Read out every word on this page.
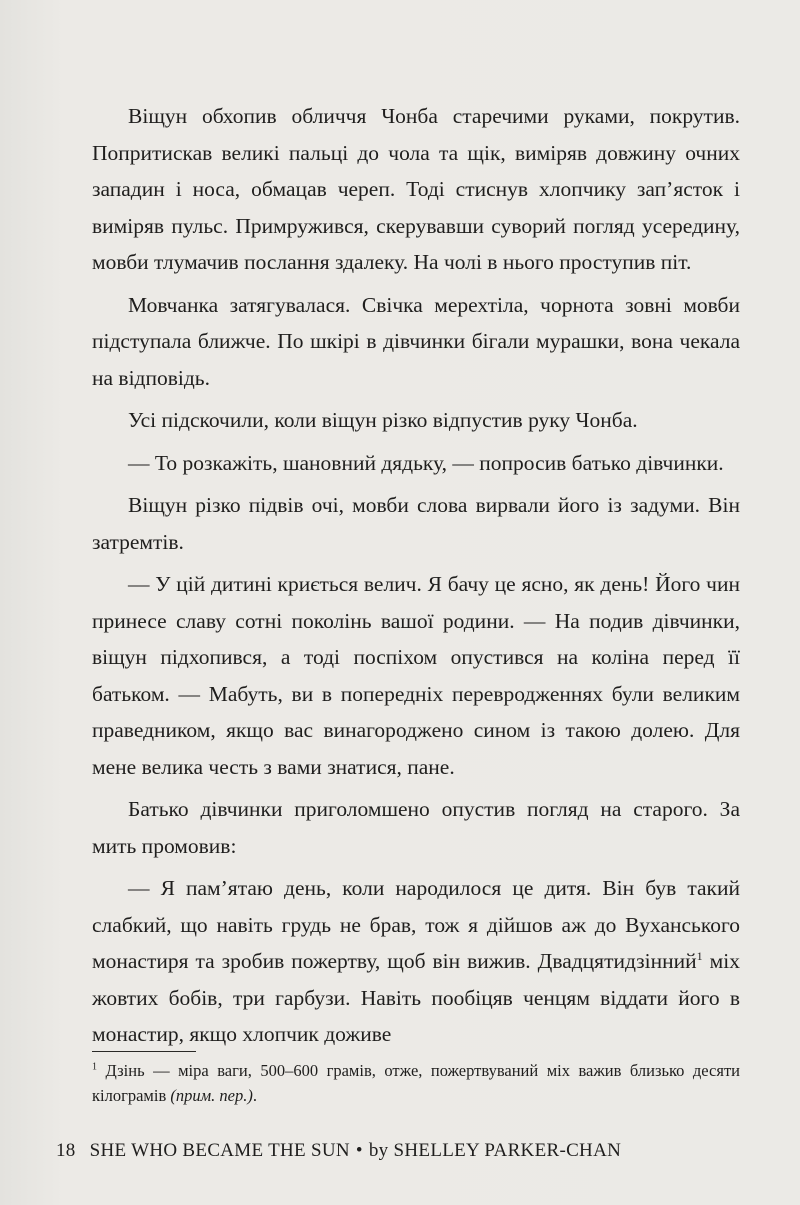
Віщун обхопив обличчя Чонба старечими руками, покрутив. Попритискав великі пальці до чола та щік, виміряв довжину очних западин і носа, обмацав череп. Тоді стиснув хлопчику зап’ясток і виміряв пульс. Примружився, скерувавши суворий погляд усередину, мовби тлумачив послання здалеку. На чолі в нього проступив піт.

Мовчанка затягувалася. Свічка мерехтіла, чорнота зовні мовби підступала ближче. По шкірі в дівчинки бігали мурашки, вона чекала на відповідь.

Усі підскочили, коли віщун різко відпустив руку Чонба.

— То розкажіть, шановний дядьку, — попросив батько дівчинки.

Віщун різко підвів очі, мовби слова вирвали його із задуми. Він затремтів.

— У цій дитині криється велич. Я бачу це ясно, як день! Його чин принесе славу сотні поколінь вашої родини. — На подив дівчинки, віщун підхопився, а тоді поспіхом опустився на коліна перед її батьком. — Мабуть, ви в попередніх перевродженнях були великим праведником, якщо вас винагороджено сином із такою долею. Для мене велика честь з вами знатися, пане.

Батько дівчинки приголомшено опустив погляд на старого. За мить промовив:

— Я пам’ятаю день, коли народилося це дитя. Він був такий слабкий, що навіть грудь не брав, тож я дійшов аж до Вуханського монастиря та зробив пожертву, щоб він вижив. Двадцятидзінний$^1$ міх жовтих бобів, три гарбузи. Навіть пообіцяв ченцям віддати його в монастир, якщо хлопчик доживе

$^1$ Дзінь — міра ваги, 500–600 грамів, отже, пожертвуваний міх важив близько десяти кілограмів (прим. пер.).

18 SHE WHO BECAME THE SUN • by SHELLEY PARKER-CHAN
